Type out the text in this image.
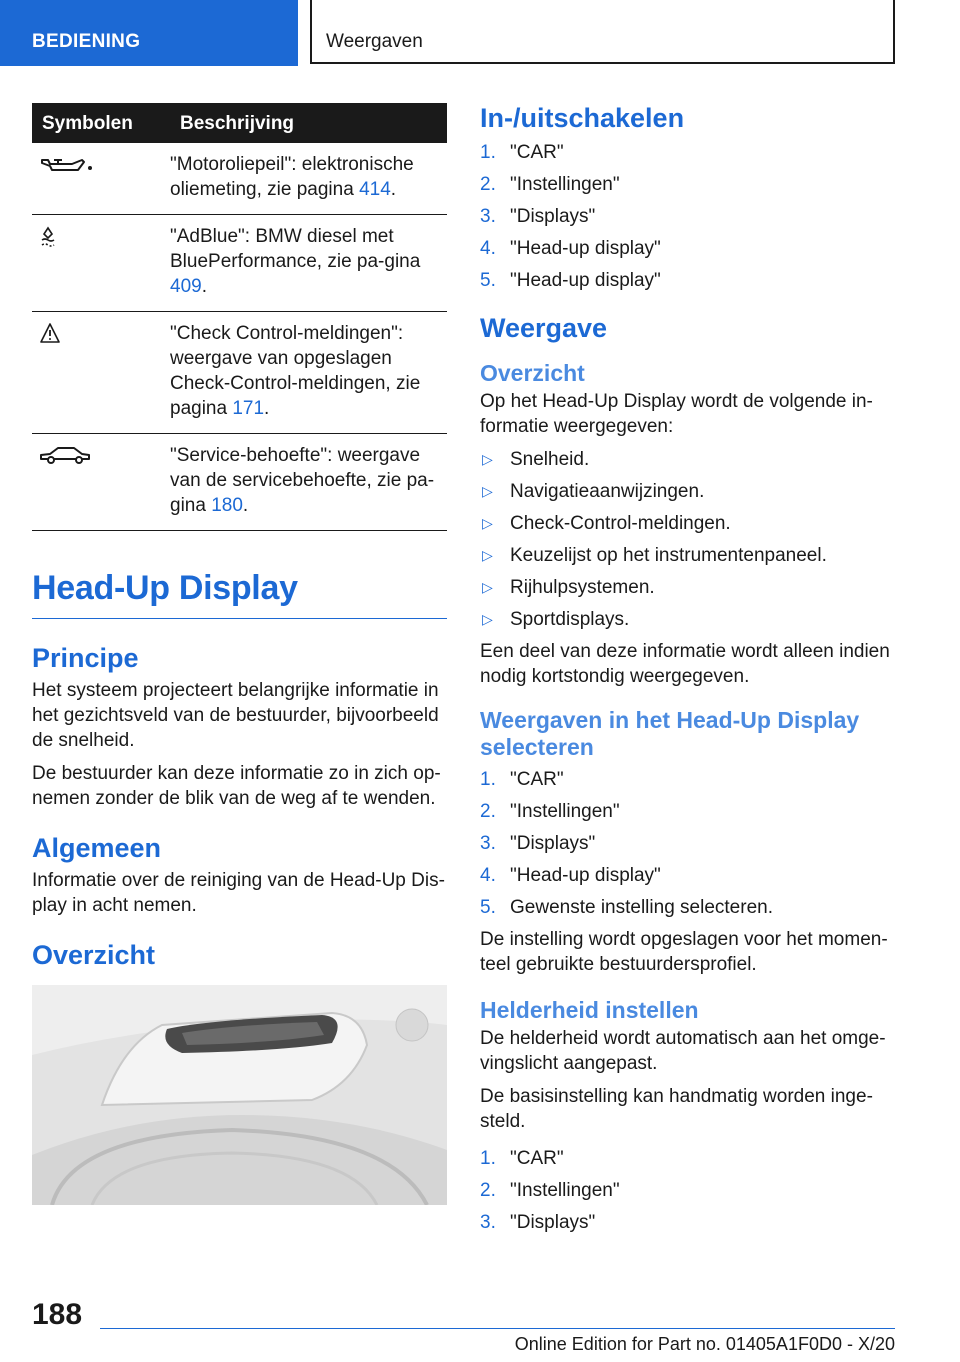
BEDIENING	Weergaven
Symbolen	Beschrijving
	"Motoroliepeil": elektronische oliemeting, zie pagina 414.
	"AdBlue": BMW diesel met BluePerformance, zie pa-gina 409.
	"Check Control-meldingen": weergave van opgeslagen Check-Control-meldingen, zie pagina 171.
	"Service-behoefte": weergave van de servicebehoefte, zie pa-gina 180.
Head-Up Display
Principe

Het systeem projecteert belangrijke informatie in het gezichtsveld van de bestuurder, bijvoorbeeld de snelheid.

De bestuurder kan deze informatie zo in zich op-nemen zonder de blik van de weg af te wenden.

Algemeen

Informatie over de reiniging van de Head-Up Dis-play in acht nemen.

Overzicht
In-/uitschakelen
1. "CAR"
2. "Instellingen"
3. "Displays"
4. "Head-up display"
5. "Head-up display"
Weergave
Overzicht

Op het Head-Up Display wordt de volgende in-formatie weergegeven:

▷ Snelheid.
▷ Navigatieaanwijzingen.
▷ Check-Control-meldingen.
▷ Keuzelijst op het instrumentenpaneel.
▷ Rijhulpsystemen.
▷ Sportdisplays.

Een deel van deze informatie wordt alleen indien nodig kortstondig weergegeven.

Weergaven in het Head-Up Display selecteren
1. "CAR"
2. "Instellingen"
3. "Displays"
4. "Head-up display"
5. Gewenste instelling selecteren.

De instelling wordt opgeslagen voor het momen-teel gebruikte bestuurdersprofiel.

Helderheid instellen

De helderheid wordt automatisch aan het omge-vingslicht aangepast.

De basisinstelling kan handmatig worden inge-steld.

1. "CAR"
2. "Instellingen"
3. "Displays"
188
Online Edition for Part no. 01405A1F0D0 - X/20
